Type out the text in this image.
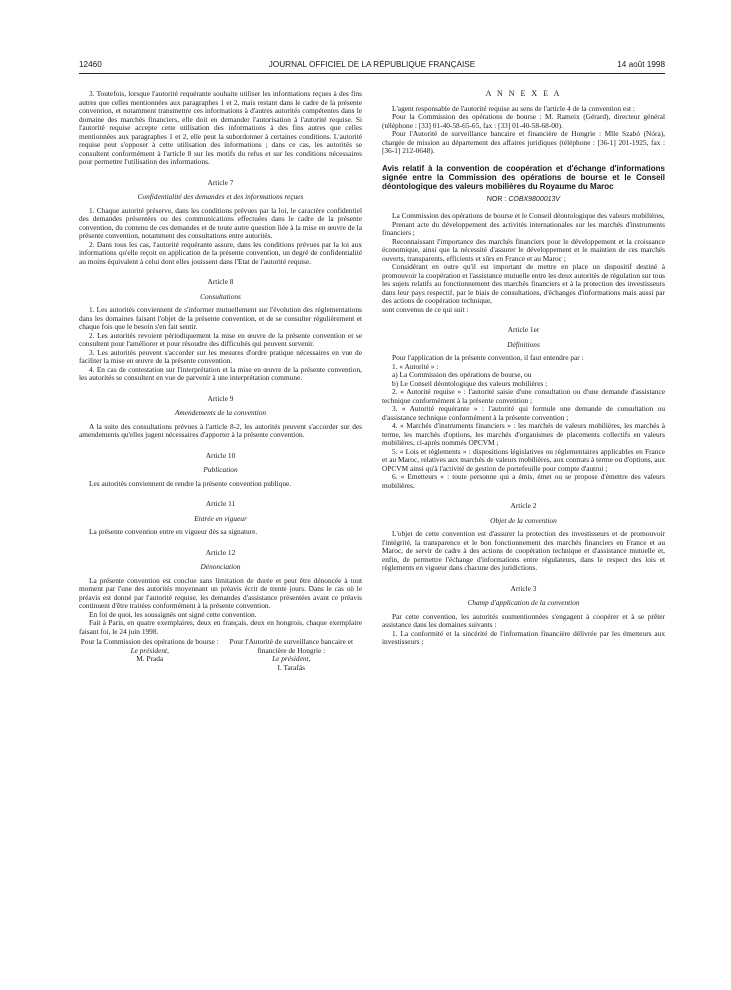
12460	JOURNAL OFFICIEL DE LA RÉPUBLIQUE FRANÇAISE	14 août 1998

3. Toutefois, lorsque l'autorité requérante souhaite utiliser les informations reçues à des fins autres que celles mentionnées aux paragraphes 1 et 2, mais restant dans le cadre de la présente convention, et notamment transmettre ces informations à d'autres autorités compétentes dans le domaine des marchés financiers, elle doit en demander l'autorisation à l'autorité requise. Si l'autorité requise accepte cette utilisation des informations à des fins autres que celles mentionnées aux paragraphes 1 et 2, elle peut la subordonner à certaines conditions. L'autorité requise peut s'opposer à cette utilisation des informations ; dans ce cas, les autorités se consultent conformément à l'article 8 sur les motifs du refus et sur les conditions nécessaires pour permettre l'utilisation des informations.

Article 7

Confidentialité des demandes et des informations reçues

1. Chaque autorité préserve, dans les conditions prévues par la loi, le caractère confidentiel des demandes présentées ou des communications effectuées dans le cadre de la présente convention, du contenu de ces demandes et de toute autre question liée à la mise en œuvre de la présente convention, notamment des consultations entre autorités.

2. Dans tous les cas, l'autorité requérante assure, dans les conditions prévues par la loi aux informations qu'elle reçoit en application de la présente convention, un degré de confidentialité au moins équivalent à celui dont elles jouissent dans l'Etat de l'autorité requise.

Article 8

Consultations

1. Les autorités conviennent de s'informer mutuellement sur l'évolution des réglementations dans les domaines faisant l'objet de la présente convention, et de se consulter régulièrement et chaque fois que le besoin s'en fait sentir.

2. Les autorités revoient périodiquement la mise en œuvre de la présente convention et se consultent pour l'améliorer et pour résoudre des difficultés qui peuvent survenir.

3. Les autorités peuvent s'accorder sur les mesures d'ordre pratique nécessaires en vue de faciliter la mise en œuvre de la présente convention.

4. En cas de contestation sur l'interprétation et la mise en œuvre de la présente convention, les autorités se consultent en vue de parvenir à une interprétation commune.

Article 9

Amendements de la convention

A la suite des consultations prévues à l'article 8-2, les autorités peuvent s'accorder sur des amendements qu'elles jugent nécessaires d'apporter à la présente convention.

Article 10

Publication

Les autorités conviennent de rendre la présente convention publique.

Article 11

Entrée en vigueur

La présente convention entre en vigueur dès sa signature.

Article 12

Dénonciation

La présente convention est conclue sans limitation de durée et peut être dénoncée à tout moment par l'une des autorités moyennant un préavis écrit de trente jours. Dans le cas où le préavis est donné par l'autorité requise, les demandes d'assistance présentées avant ce préavis continuent d'être traitées conformément à la présente convention.

En foi de quoi, les soussignés ont signé cette convention.

Fait à Paris, en quatre exemplaires, deux en français, deux en hongrois, chaque exemplaire faisant foi, le 24 juin 1998.

Pour la Commission des opérations de bourse :
Le président,
M. Prada
Pour l'Autorité de surveillance bancaire et financière de Hongrie :
Le président,
I. Tarafás

A N N E X E A

L'agent responsable de l'autorité requise au sens de l'article 4 de la convention est :

Pour la Commission des opérations de bourse : M. Rameix (Gérard), directeur général (téléphone : [33] 01-40-58-65-65, fax : [33] 01-40-58-68-00).

Pour l'Autorité de surveillance bancaire et financière de Hongrie : Mlle Szabó (Nóra), chargée de mission au département des affaires juridiques (téléphone : [36-1] 201-1925, fax : [36-1] 212-0648).

Avis relatif à la convention de coopération et d'échange d'informations signée entre la Commission des opérations de bourse et le Conseil déontologique des valeurs mobilières du Royaume du Maroc

NOR : COBX9800013V

La Commission des opérations de bourse et le Conseil déontologique des valeurs mobilières,

Prenant acte du développement des activités internationales sur les marchés d'instruments financiers ;

Reconnaissant l'importance des marchés financiers pour le développement et la croissance économique, ainsi que la nécessité d'assurer le développement et le maintien de ces marchés ouverts, transparents, efficients et sûrs en France et au Maroc ;

Considérant en outre qu'il est important de mettre en place un dispositif destiné à promouvoir la coopération et l'assistance mutuelle entre les deux autorités de régulation sur tous les sujets relatifs au fonctionnement des marchés financiers et à la protection des investisseurs dans leur pays respectif, par le biais de consultations, d'échanges d'informations mais aussi par des actions de coopération technique,

sont convenus de ce qui suit :

Article 1er

Définitions

Pour l'application de la présente convention, il faut entendre par :

1. « Autorité » :

a) La Commission des opérations de bourse, ou

b) Le Conseil déontologique des valeurs mobilières ;

2. « Autorité requise » : l'autorité saisie d'une consultation ou d'une demande d'assistance technique conformément à la présente convention ;

3. « Autorité requérante » : l'autorité qui formule une demande de consultation ou d'assistance technique conformément à la présente convention ;

4. « Marchés d'instruments financiers » : les marchés de valeurs mobilières, les marchés à terme, les marchés d'options, les marchés d'organismes de placements collectifs en valeurs mobilières, ci-après nommés OPCVM ;

5. « Lois et règlements » : dispositions législatives ou réglementaires applicables en France et au Maroc, relatives aux marchés de valeurs mobilières, aux contrats à terme ou d'options, aux OPCVM ainsi qu'à l'activité de gestion de portefeuille pour compte d'autrui ;

6. « Emetteurs » : toute personne qui a émis, émet ou se propose d'émettre des valeurs mobilières.

Article 2

Objet de la convention

L'objet de cette convention est d'assurer la protection des investisseurs et de promouvoir l'intégrité, la transparence et le bon fonctionnement des marchés financiers en France et au Maroc, de servir de cadre à des actions de coopération technique et d'assistance mutuelle et, enfin, de permettre l'échange d'informations entre régulateurs, dans le respect des lois et règlements en vigueur dans chacune des juridictions.

Article 3

Champ d'application de la convention

Par cette convention, les autorités susmentionnées s'engagent à coopérer et à se prêter assistance dans les domaines suivants :

1. La conformité et la sincérité de l'information financière délivrée par les émetteurs aux investisseurs ;
